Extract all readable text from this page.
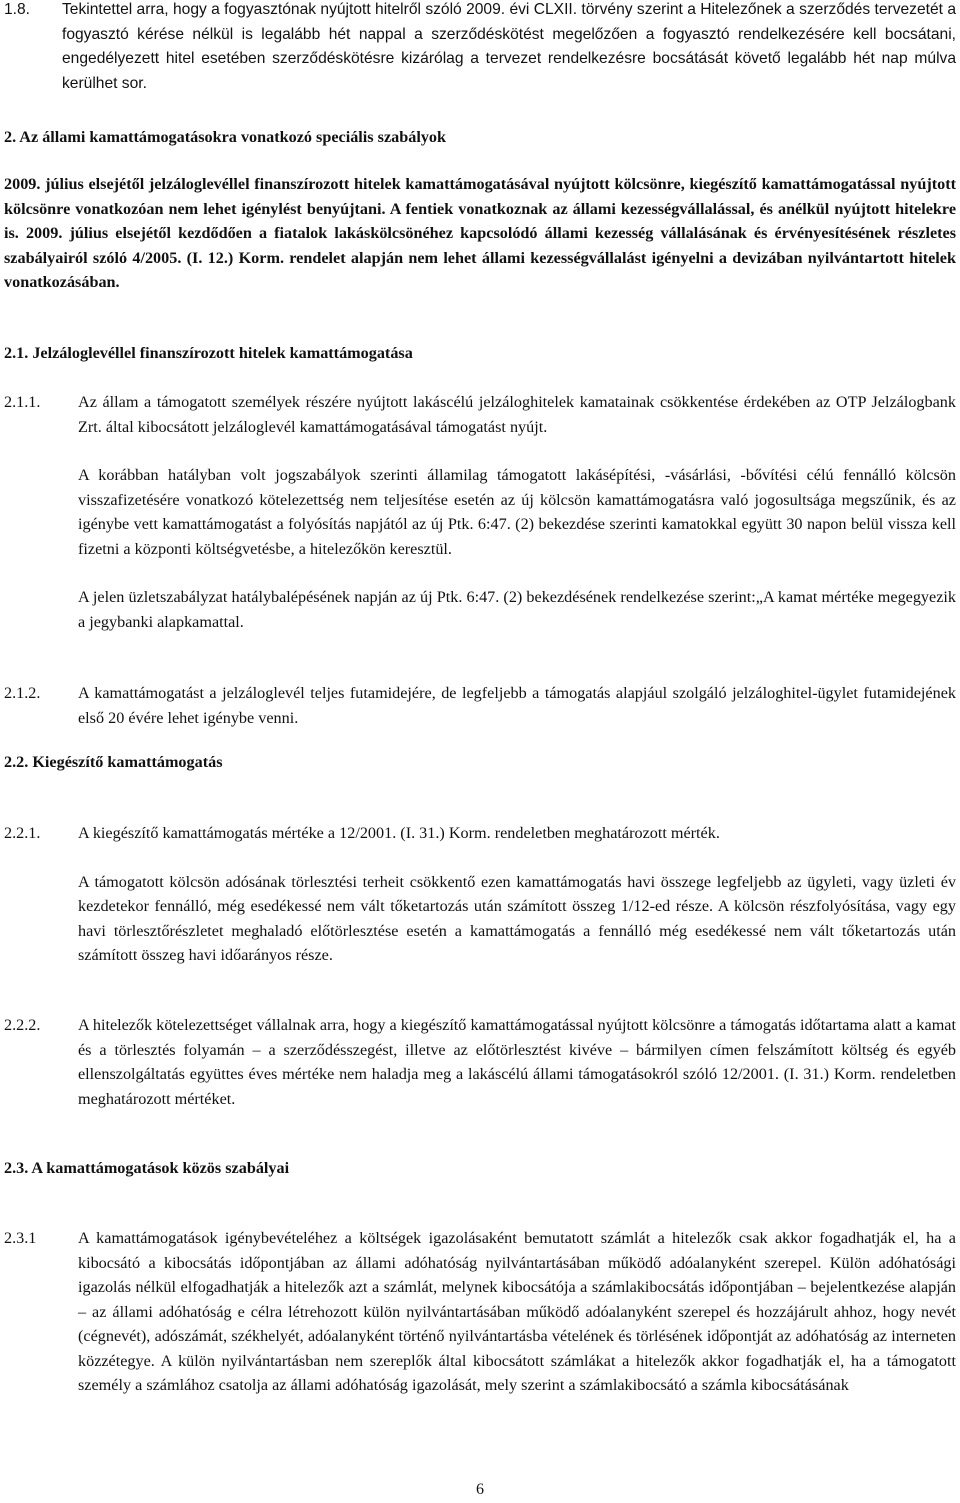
1.8.	Tekintettel arra, hogy a fogyasztónak nyújtott hitelről szóló 2009. évi CLXII. törvény szerint a Hitelezőnek a szerződés tervezetét a fogyasztó kérése nélkül is legalább hét nappal a szerződéskötést megelőzően a fogyasztó rendelkezésére kell bocsátani, engedélyezett hitel esetében szerződéskötésre kizárólag a tervezet rendelkezésre bocsátását követő legalább hét nap múlva kerülhet sor.
2. Az állami kamattámogatásokra vonatkozó speciális szabályok

2009. július elsejétől jelzáloglevéllel finanszírozott hitelek kamattámogatásával nyújtott kölcsönre, kiegészítő kamattámogatással nyújtott kölcsönre vonatkozóan nem lehet igénylést benyújtani. A fentiek vonatkoznak az állami kezességvállalással, és anélkül nyújtott hitelekre is. 2009. július elsejétől kezdődően a fiatalok lakáskölcsönéhez kapcsolódó állami kezesség vállalásának és érvényesítésének részletes szabályairól szóló 4/2005. (I. 12.) Korm. rendelet alapján nem lehet állami kezességvállalást igényelni a devizában nyilvántartott hitelek vonatkozásában.

2.1. Jelzáloglevéllel finanszírozott hitelek kamattámogatása
2.1.1.	Az állam a támogatott személyek részére nyújtott lakáscélú jelzáloghitelek kamatainak csökkentése érdekében az OTP Jelzálogbank Zrt. által kibocsátott jelzáloglevél kamattámogatásával támogatást nyújt.

A korábban hatályban volt jogszabályok szerinti államilag támogatott lakásépítési, -vásárlási, -bővítési célú fennálló kölcsön visszafizetésére vonatkozó kötelezettség nem teljesítése esetén az új kölcsön kamattámogatásra való jogosultsága megszűnik, és az igénybe vett kamattámogatást a folyósítás napjától az új Ptk. 6:47. (2) bekezdése szerinti kamatokkal együtt 30 napon belül vissza kell fizetni a központi költségvetésbe, a hitelezőkön keresztül.

A jelen üzletszabályzat hatálybalépésének napján az új Ptk. 6:47. (2) bekezdésének rendelkezése szerint:„A kamat mértéke megegyezik a jegybanki alapkamattal.

2.1.2.	A kamattámogatást a jelzáloglevél teljes futamidejére, de legfeljebb a támogatás alapjául szolgáló jelzáloghitel-ügylet futamidejének első 20 évére lehet igénybe venni.
2.2. Kiegészítő kamattámogatás
2.2.1.	A kiegészítő kamattámogatás mértéke a 12/2001. (I. 31.) Korm. rendeletben meghatározott mérték.

A támogatott kölcsön adósának törlesztési terheit csökkentő ezen kamattámogatás havi összege legfeljebb az ügyleti, vagy üzleti év kezdetekor fennálló, még esedékessé nem vált tőketartozás után számított összeg 1/12-ed része. A kölcsön részfolyósítása, vagy egy havi törlesztőrészletet meghaladó előtörlesztése esetén a kamattámogatás a fennálló még esedékessé nem vált tőketartozás után számított összeg havi időarányos része.

2.2.2.	A hitelezők kötelezettséget vállalnak arra, hogy a kiegészítő kamattámogatással nyújtott kölcsönre a támogatás időtartama alatt a kamat és a törlesztés folyamán – a szerződésszegést, illetve az előtörlesztést kivéve – bármilyen címen felszámított költség és egyéb ellenszolgáltatás együttes éves mértéke nem haladja meg a lakáscélú állami támogatásokról szóló 12/2001. (I. 31.) Korm. rendeletben meghatározott mértéket.
2.3. A kamattámogatások közös szabályai
2.3.1	A kamattámogatások igénybevételéhez a költségek igazolásaként bemutatott számlát a hitelezők csak akkor fogadhatják el, ha a kibocsátó a kibocsátás időpontjában az állami adóhatóság nyilvántartásában működő adóalanyként szerepel. Külön adóhatósági igazolás nélkül elfogadhatják a hitelezők azt a számlát, melynek kibocsátója a számlakibocsátás időpontjában – bejelentkezése alapján – az állami adóhatóság e célra létrehozott külön nyilvántartásában működő adóalanyként szerepel és hozzájárult ahhoz, hogy nevét (cégnevét), adószámát, székhelyét, adóalanyként történő nyilvántartásba vételének és törlésének időpontját az adóhatóság az interneten közzétegye. A külön nyilvántartásban nem szereplők által kibocsátott számlákat a hitelezők akkor fogadhatják el, ha a támogatott személy a számlához csatolja az állami adóhatóság igazolását, mely szerint a számlakibocsátó a számla kibocsátásának
6
